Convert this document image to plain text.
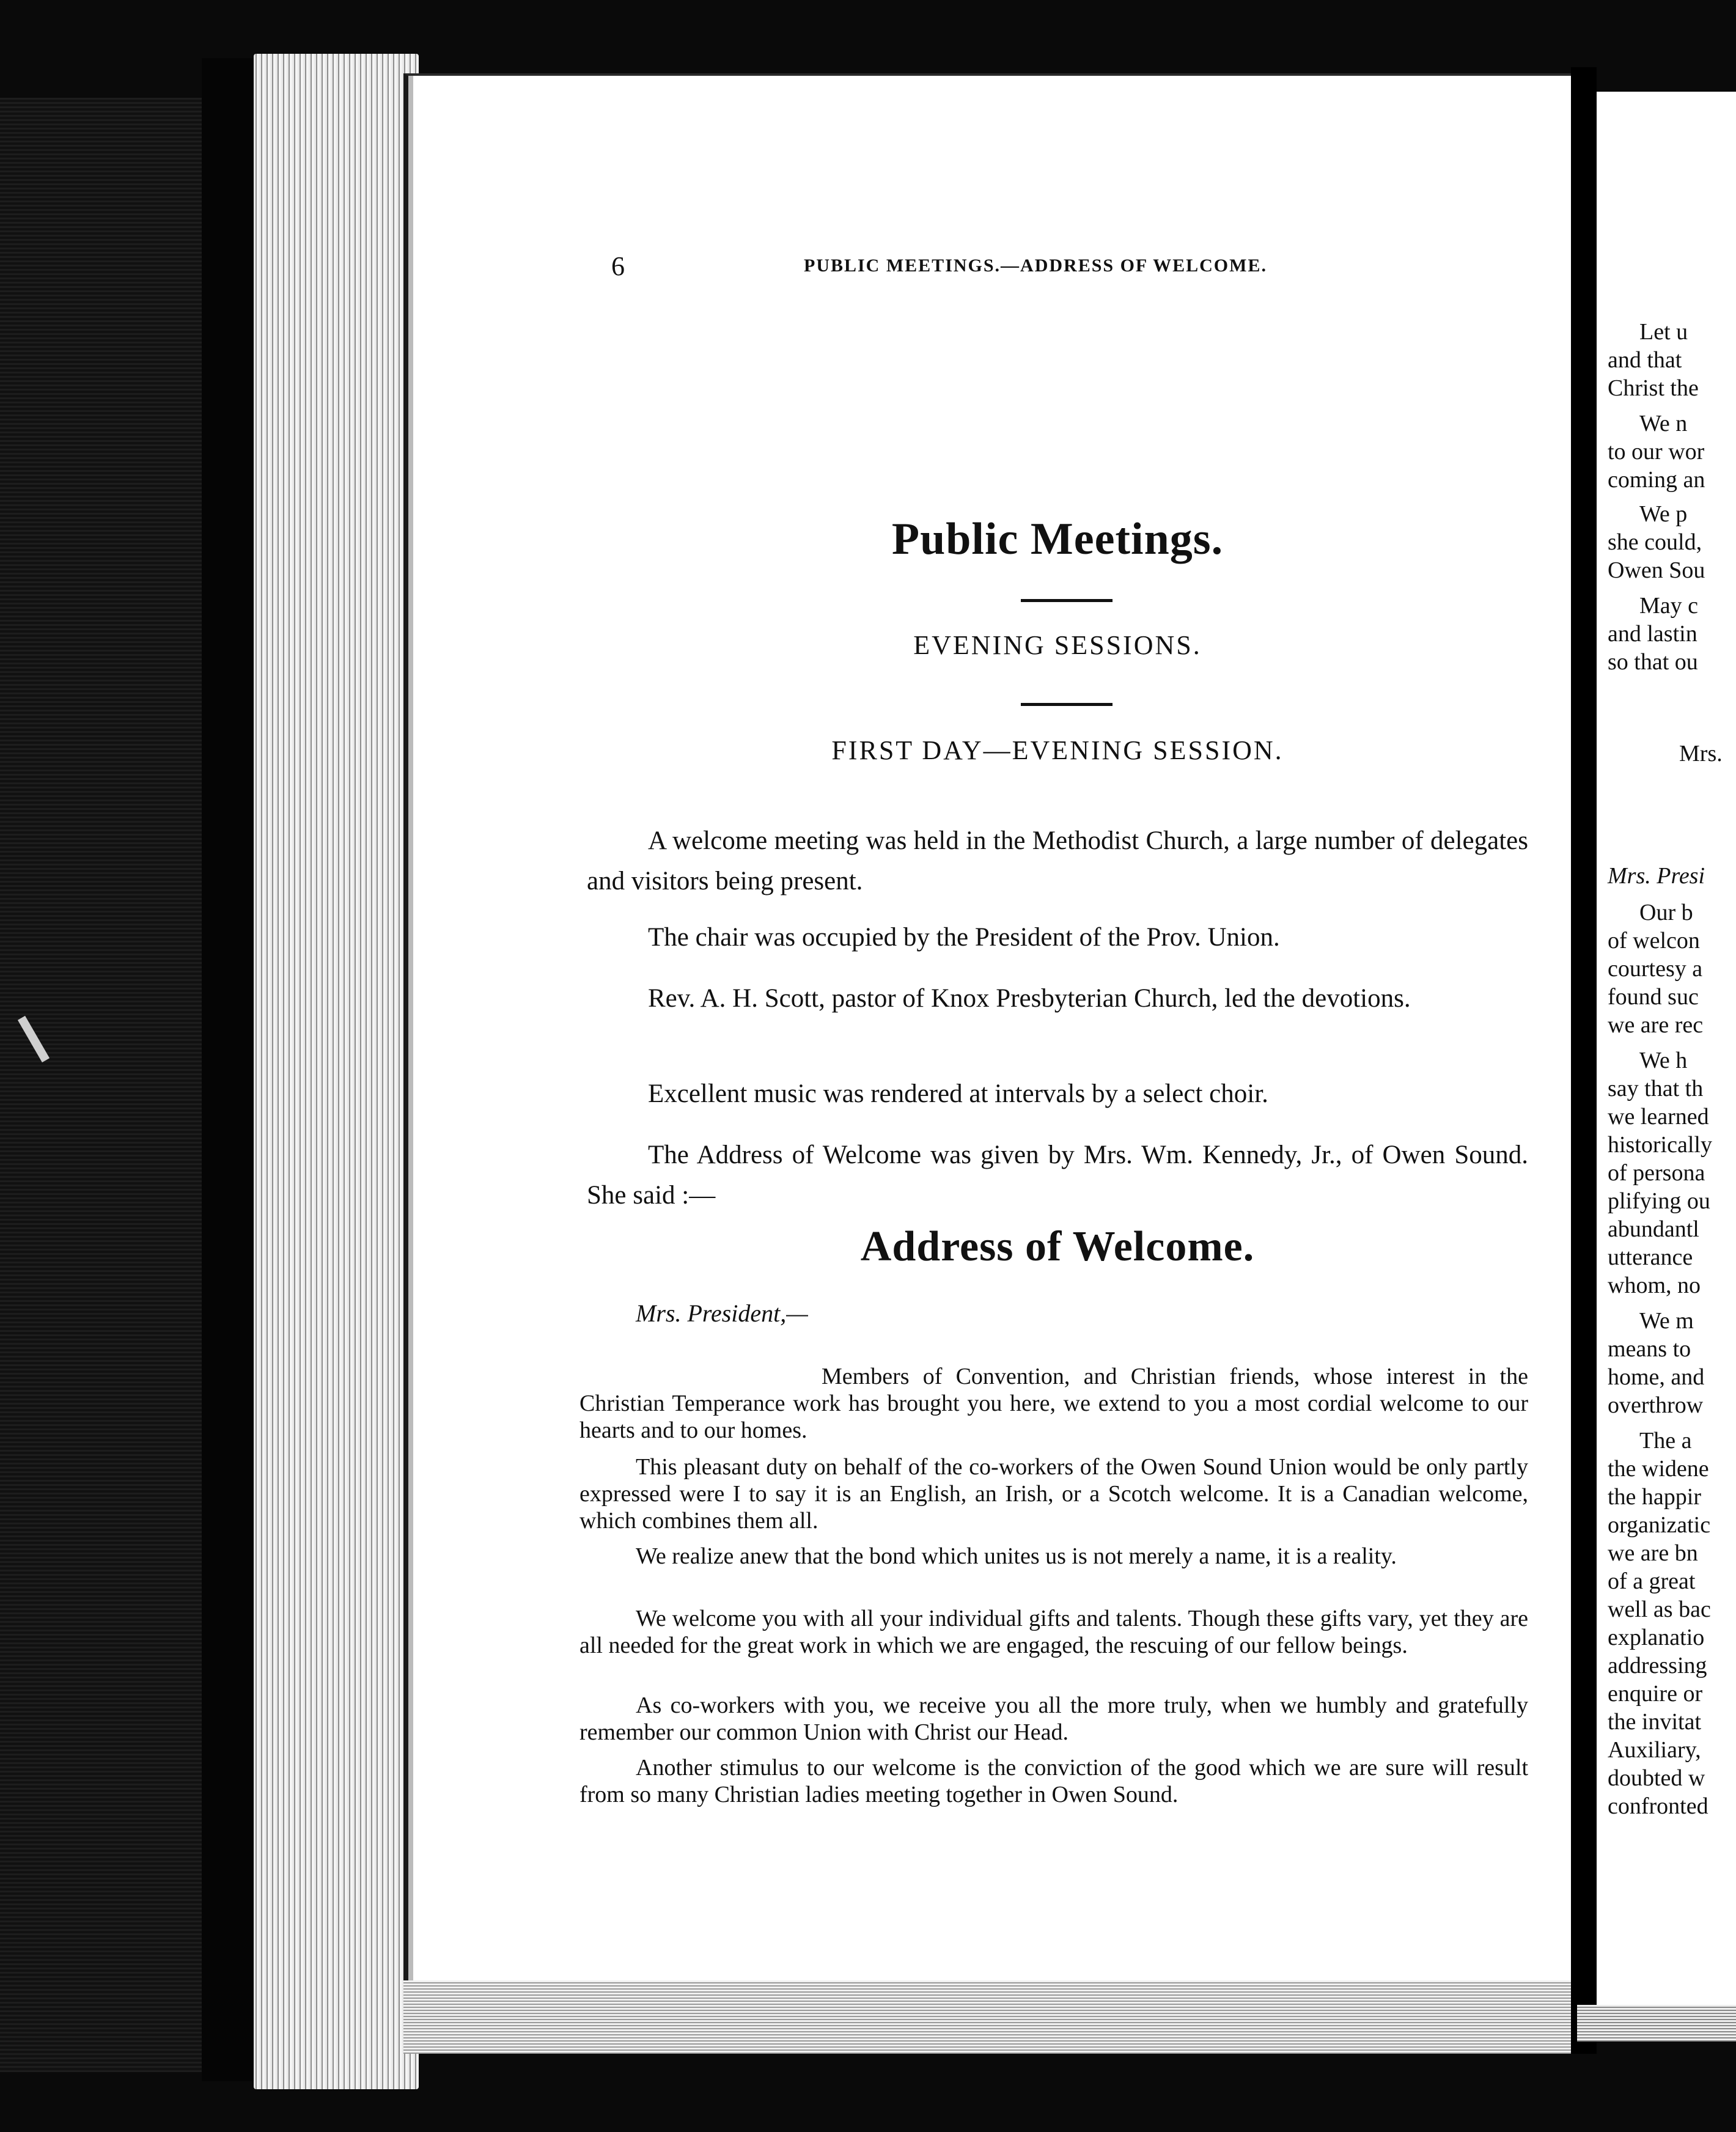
6	PUBLIC MEETINGS.—ADDRESS OF WELCOME.
Public Meetings.
EVENING SESSIONS.
FIRST DAY—EVENING SESSION.

A welcome meeting was held in the Methodist Church, a large number of delegates and visitors being present.

The chair was occupied by the President of the Prov. Union.

Rev. A. H. Scott, pastor of Knox Presbyterian Church, led the devotions.

Excellent music was rendered at intervals by a select choir.

The Address of Welcome was given by Mrs. Wm. Kennedy, Jr., of Owen Sound. She said :—

Address of Welcome.
Mrs. President,—

Members of Convention, and Christian friends, whose interest in the Christian Temperance work has brought you here, we extend to you a most cordial welcome to our hearts and to our homes.

This pleasant duty on behalf of the co-workers of the Owen Sound Union would be only partly expressed were I to say it is an English, an Irish, or a Scotch welcome. It is a Canadian welcome, which combines them all.

We realize anew that the bond which unites us is not merely a name, it is a reality.

We welcome you with all your individual gifts and talents. Though these gifts vary, yet they are all needed for the great work in which we are engaged, the rescuing of our fellow beings.

As co-workers with you, we receive you all the more truly, when we humbly and gratefully remember our common Union with Christ our Head.

Another stimulus to our welcome is the conviction of the good which we are sure will result from so many Christian ladies meeting together in Owen Sound.

Let u
and that
Christ the
We n
to our wor
coming an
We p
she could,
Owen Sou
May c
and lastin
so that ou
Mrs.
Mrs. Presi
Our b
of welcon
courtesy a
found suc
we are rec
We h
say that th
we learned
historically
of persona
plifying ou
abundantl
utterance
whom, no
We m
means to
home, and
overthrow
The a
the widene
the happir
organizatic
we are bn
of a great
well as bac
explanatio
addressing
enquire or
the invitat
Auxiliary,
doubted w
confronted
